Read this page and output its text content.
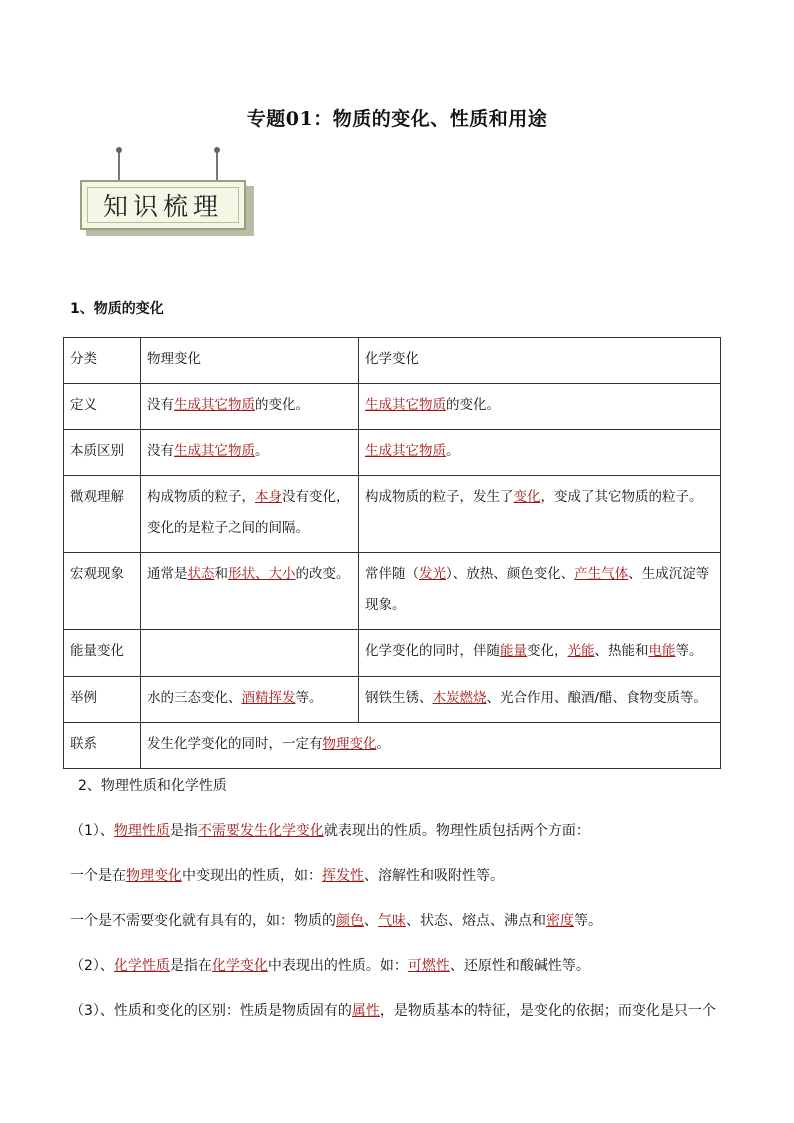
专题01：物质的变化、性质和用途
知识梳理
1、物质的变化
分类	物理变化	化学变化
定义	没有生成其它物质的变化。	生成其它物质的变化。
本质区别	没有生成其它物质。	生成其它物质。
微观理解	构成物质的粒子，本身没有变化，变化的是粒子之间的间隔。	构成物质的粒子，发生了变化，变成了其它物质的粒子。
宏观现象	通常是状态和形状、大小的改变。	常伴随（发光）、放热、颜色变化、产生气体、生成沉淀等现象。
能量变化		化学变化的同时，伴随能量变化，光能、热能和电能等。
举例	水的三态变化、酒精挥发等。	钢铁生锈、木炭燃烧、光合作用、酿酒/醋、食物变质等。
联系	发生化学变化的同时，一定有物理变化。	
2、物理性质和化学性质
（1）、物理性质是指不需要发生化学变化就表现出的性质。物理性质包括两个方面：
一个是在物理变化中变现出的性质，如：挥发性、溶解性和吸附性等。
一个是不需要变化就有具有的，如：物质的颜色、气味、状态、熔点、沸点和密度等。
（2）、化学性质是指在化学变化中表现出的性质。如：可燃性、还原性和酸碱性等。
（3）、性质和变化的区别：性质是物质固有的属性，是物质基本的特征，是变化的依据；而变化是只一个
